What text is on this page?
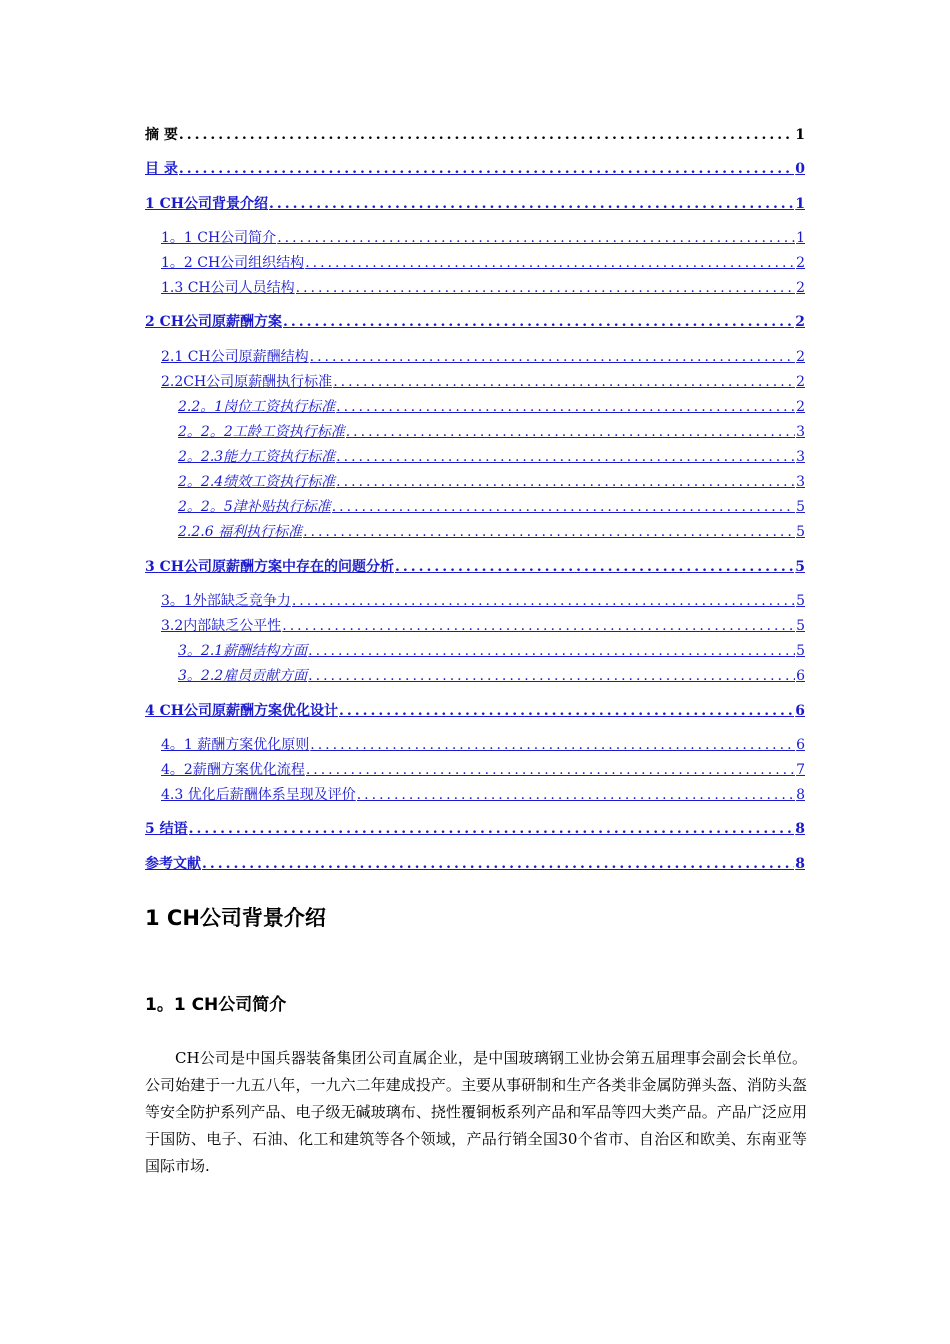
摘 要 .....	1
目 录 .....	0
1 CH公司背景介绍 .....	1
1。1 CH公司简介 .....	1
1。2 CH公司组织结构 .....	2
1.3 CH公司人员结构 .....	2
2 CH公司原薪酬方案 .....	2
2.1 CH公司原薪酬结构 .....	2
2.2CH公司原薪酬执行标准 .....	2
2.2。1岗位工资执行标准 .....	2
2。2。2工龄工资执行标准 .....	3
2。2.3能力工资执行标准 .....	3
2。2.4绩效工资执行标准 .....	3
2。2。5津补贴执行标准 .....	5
2.2.6 福利执行标准 .....	5
3 CH公司原薪酬方案中存在的问题分析 .....	5
3。1外部缺乏竞争力 .....	5
3.2内部缺乏公平性 .....	5
3。2.1薪酬结构方面 .....	5
3。2.2雇员贡献方面 .....	6
4 CH公司原薪酬方案优化设计 .....	6
4。1 薪酬方案优化原则 .....	6
4。2薪酬方案优化流程 .....	7
4.3 优化后薪酬体系呈现及评价 .....	8
5 结语 .....	8
参考文献 .....	8
1 CH公司背景介绍
1。1 CH公司简介

CH公司是中国兵器装备集团公司直属企业，是中国玻璃钢工业协会第五届理事会副会长单位。公司始建于一九五八年，一九六二年建成投产。主要从事研制和生产各类非金属防弹头盔、消防头盔等安全防护系列产品、电子级无碱玻璃布、挠性覆铜板系列产品和军品等四大类产品。产品广泛应用于国防、电子、石油、化工和建筑等各个领域，产品行销全国30个省市、自治区和欧美、东南亚等国际市场.
